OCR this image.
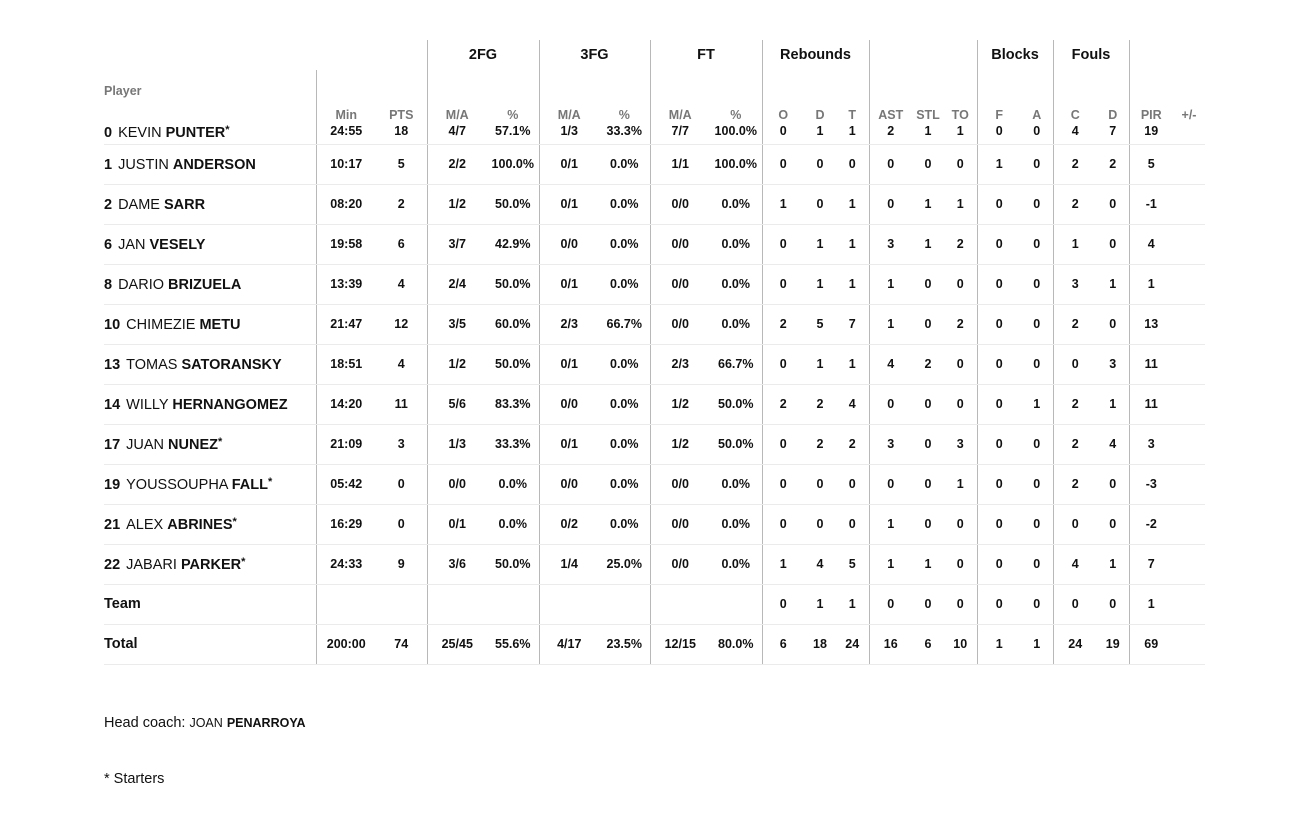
			2FG		3FG		FT		Rebounds						Blocks		Fouls			
Player	Min	PTS	M/A	%	M/A	%	M/A	%	O	D	T	AST	STL	TO	F	A	C	D	PIR	+/-
0 KEVIN PUNTER*	24:55	18	4/7	57.1%	1/3	33.3%	7/7	100.0%	0	1	1	2	1	1	0	0	4	7	19	
1 JUSTIN ANDERSON	10:17	5	2/2	100.0%	0/1	0.0%	1/1	100.0%	0	0	0	0	0	0	1	0	2	2	5	
2 DAME SARR	08:20	2	1/2	50.0%	0/1	0.0%	0/0	0.0%	1	0	1	0	1	1	0	0	2	0	-1	
6 JAN VESELY	19:58	6	3/7	42.9%	0/0	0.0%	0/0	0.0%	0	1	1	3	1	2	0	0	1	0	4	
8 DARIO BRIZUELA	13:39	4	2/4	50.0%	0/1	0.0%	0/0	0.0%	0	1	1	1	0	0	0	0	3	1	1	
10 CHIMEZIE METU	21:47	12	3/5	60.0%	2/3	66.7%	0/0	0.0%	2	5	7	1	0	2	0	0	2	0	13	
13 TOMAS SATORANSKY	18:51	4	1/2	50.0%	0/1	0.0%	2/3	66.7%	0	1	1	4	2	0	0	0	0	3	11	
14 WILLY HERNANGOMEZ	14:20	11	5/6	83.3%	0/0	0.0%	1/2	50.0%	2	2	4	0	0	0	0	1	2	1	11	
17 JUAN NUNEZ*	21:09	3	1/3	33.3%	0/1	0.0%	1/2	50.0%	0	2	2	3	0	3	0	0	2	4	3	
19 YOUSSOUPHA FALL*	05:42	0	0/0	0.0%	0/0	0.0%	0/0	0.0%	0	0	0	0	0	1	0	0	2	0	-3	
21 ALEX ABRINES*	16:29	0	0/1	0.0%	0/2	0.0%	0/0	0.0%	0	0	0	1	0	0	0	0	0	0	-2	
22 JABARI PARKER*	24:33	9	3/6	50.0%	1/4	25.0%	0/0	0.0%	1	4	5	1	1	0	0	0	4	1	7	
Team									0	1	1	0	0	0	0	0	0	0	1	
Total	200:00	74	25/45	55.6%	4/17	23.5%	12/15	80.0%	6	18	24	16	6	10	1	1	24	19	69	
Head coach: JOAN PENARROYA
* Starters
